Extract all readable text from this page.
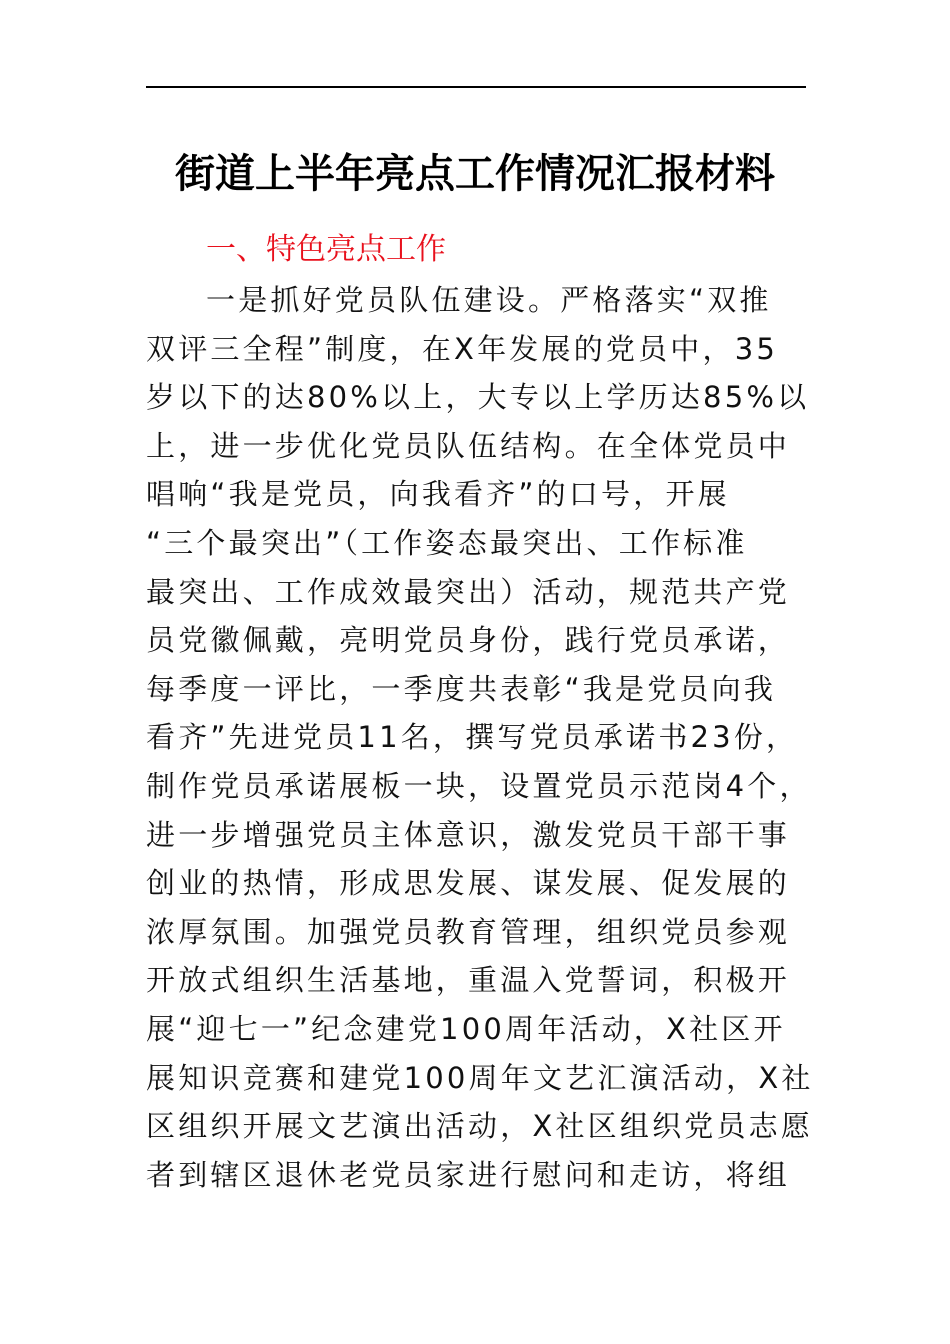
街道上半年亮点工作情况汇报材料
一、特色亮点工作
一是抓好党员队伍建设。严格落实“双推
双评三全程”制度，在X年发展的党员中，35
岁以下的达80%以上，大专以上学历达85%以
上，进一步优化党员队伍结构。在全体党员中
唱响“我是党员，向我看齐”的口号，开展
“三个最突出”（工作姿态最突出、工作标准
最突出、工作成效最突出）活动，规范共产党
员党徽佩戴，亮明党员身份，践行党员承诺，
每季度一评比，一季度共表彰“我是党员向我
看齐”先进党员11名，撰写党员承诺书23份，
制作党员承诺展板一块，设置党员示范岗4个，
进一步增强党员主体意识，激发党员干部干事
创业的热情，形成思发展、谋发展、促发展的
浓厚氛围。加强党员教育管理，组织党员参观
开放式组织生活基地，重温入党誓词，积极开
展“迎七一”纪念建党100周年活动，X社区开
展知识竞赛和建党100周年文艺汇演活动，X社
区组织开展文艺演出活动，X社区组织党员志愿
者到辖区退休老党员家进行慰问和走访，将组
